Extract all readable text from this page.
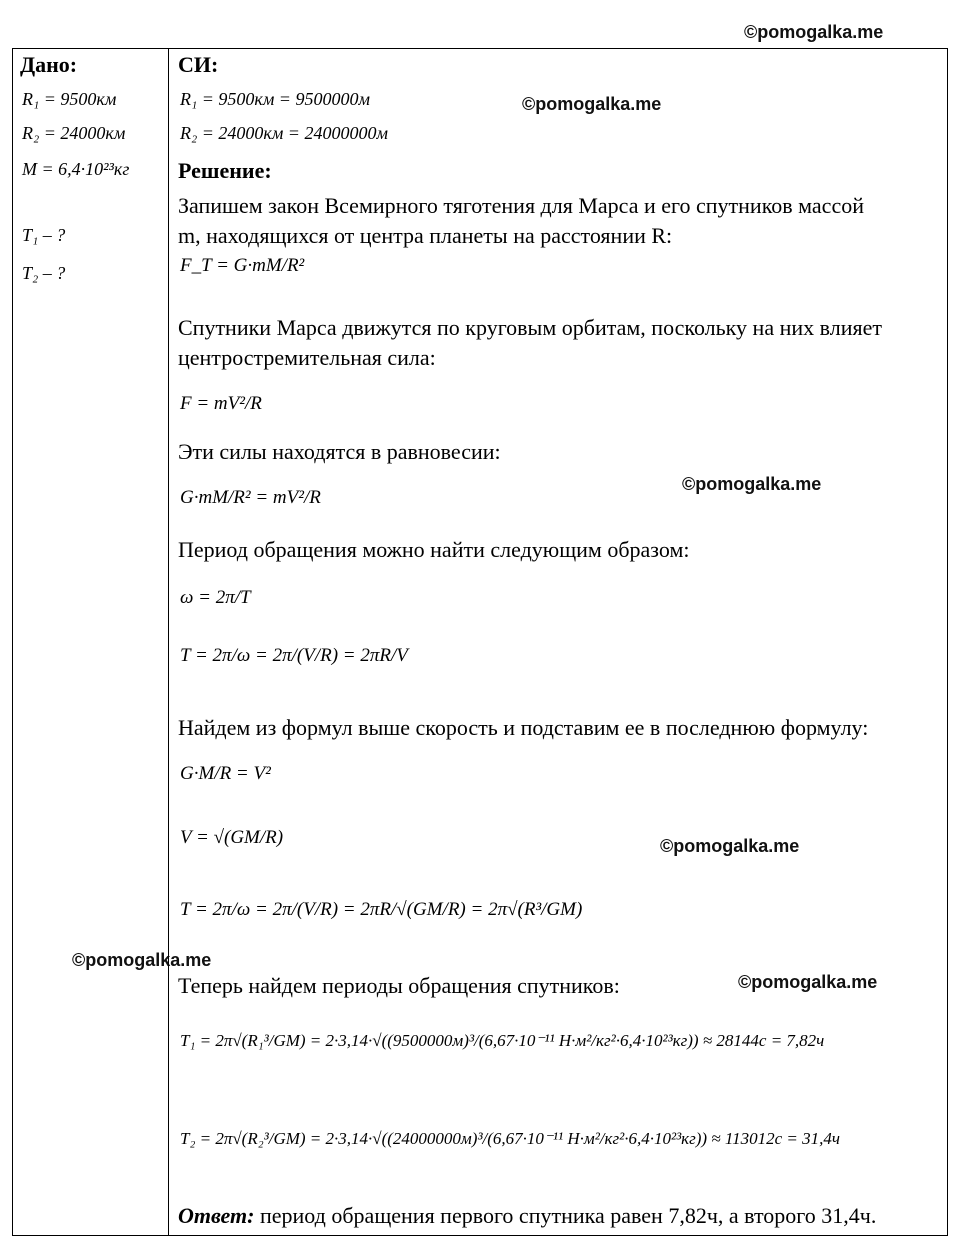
©pomogalka.me
©pomogalka.me
©pomogalka.me
©pomogalka.me
©pomogalka.me
©pomogalka.me
Дано:
R₁ = 9500км
R₂ = 24000км
M = 6,4·10²³кг
T₁ – ?
T₂ – ?
СИ:
R₁ = 9500км = 9500000м
R₂ = 24000км = 24000000м
Решение:
Запишем закон Всемирного тяготения для Марса и его спутников массой
m, находящихся от центра планеты на расстоянии R:
F_T = G·mM/R²
Спутники Марса движутся по круговым орбитам, поскольку на них влияет
центростремительная сила:
F = mV²/R
Эти силы находятся в равновесии:
G·mM/R² = mV²/R
Период обращения можно найти следующим образом:
ω = 2π/T
T = 2π/ω = 2π/(V/R) = 2πR/V
Найдем из формул выше скорость и подставим ее в последнюю формулу:
G·M/R = V²
V = √(GM/R)
T = 2π/ω = 2π/(V/R) = 2πR/√(GM/R) = 2π√(R³/GM)
Теперь найдем периоды обращения спутников:
T₁ = 2π√(R₁³/GM) = 2·3,14·√((9500000м)³/(6,67·10⁻¹¹ Н·м²/кг²·6,4·10²³кг)) ≈ 28144с = 7,82ч
T₂ = 2π√(R₂³/GM) = 2·3,14·√((24000000м)³/(6,67·10⁻¹¹ Н·м²/кг²·6,4·10²³кг)) ≈ 113012с = 31,4ч
Ответ: период обращения первого спутника равен 7,82ч, а второго 31,4ч.
